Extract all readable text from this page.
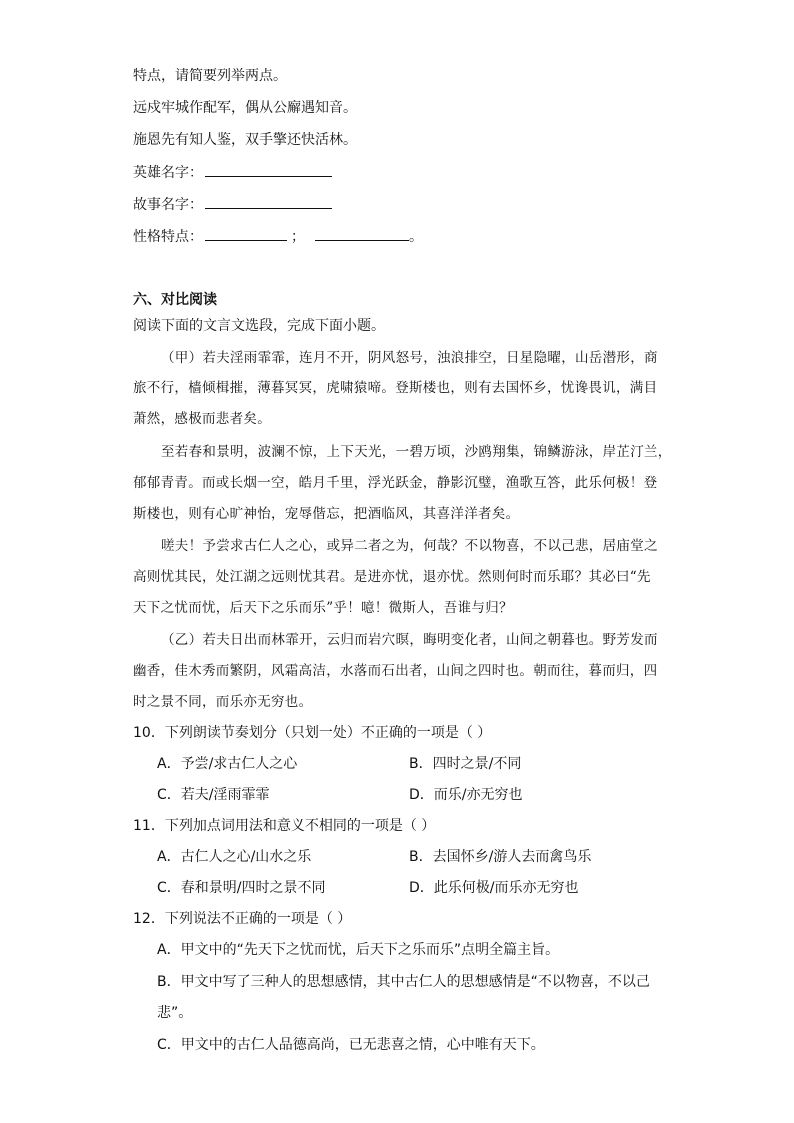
特点，请简要列举两点。
远戍牢城作配军，偶从公廨遇知音。
施恩先有知人鉴，双手擎还快活林。
英雄名字：
故事名字：
性格特点：	；	。
六、对比阅读
阅读下面的文言文选段，完成下面小题。
（甲）若夫淫雨霏霏，连月不开，阴风怒号，浊浪排空，日星隐曜，山岳潜形，商
旅不行，樯倾楫摧，薄暮冥冥，虎啸猿啼。登斯楼也，则有去国怀乡，忧谗畏讥，满目
萧然，感极而悲者矣。
至若春和景明，波澜不惊，上下天光，一碧万顷，沙鸥翔集，锦鳞游泳，岸芷汀兰，
郁郁青青。而或长烟一空，皓月千里，浮光跃金，静影沉璧，渔歌互答，此乐何极！登
斯楼也，则有心旷神怡，宠辱偕忘，把酒临风，其喜洋洋者矣。
嗟夫！予尝求古仁人之心，或异二者之为，何哉？不以物喜，不以己悲，居庙堂之
高则忧其民，处江湖之远则忧其君。是进亦忧，退亦忧。然则何时而乐耶？其必曰“先
天下之忧而忧，后天下之乐而乐”乎！噫！微斯人，吾谁与归？
（乙）若夫日出而林霏开，云归而岩穴暝，晦明变化者，山间之朝暮也。野芳发而
幽香，佳木秀而繁阴，风霜高洁，水落而石出者，山间之四时也。朝而往，暮而归，四
时之景不同，而乐亦无穷也。
10．下列朗读节奏划分（只划一处）不正确的一项是（ ）
A．予尝/求古仁人之心	B．四时之景/不同
C．若夫/淫雨霏霏	D．而乐/亦无穷也
11．下列加点词用法和意义不相同的一项是（ ）
A．古仁人之心/山水之乐	B．去国怀乡/游人去而禽鸟乐
C．春和景明/四时之景不同	D．此乐何极/而乐亦无穷也
12．下列说法不正确的一项是（ ）
A．甲文中的“先天下之忧而忧，后天下之乐而乐”点明全篇主旨。
B．甲文中写了三种人的思想感情，其中古仁人的思想感情是“不以物喜，不以己
悲”。
C．甲文中的古仁人品德高尚，已无悲喜之情，心中唯有天下。
